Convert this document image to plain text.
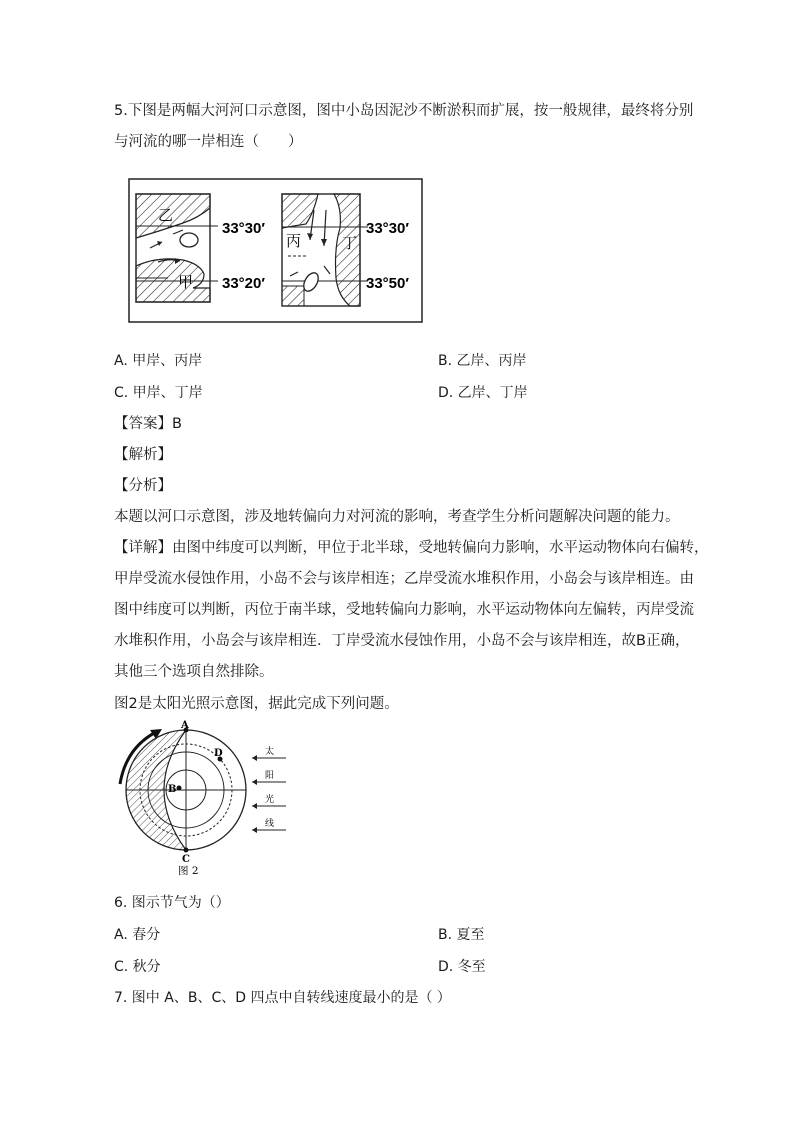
5.下图是两幅大河河口示意图，图中小岛因泥沙不断淤积而扩展，按一般规律，最终将分别
与河流的哪一岸相连（　　）
乙
甲
33°30′
33°20′
丙	丁
33°30′
33°50′
A. 甲岸、丙岸	B. 乙岸、丙岸
C. 甲岸、丁岸	D. 乙岸、丁岸
【答案】B
【解析】
【分析】
本题以河口示意图，涉及地转偏向力对河流的影响，考查学生分析问题解决问题的能力。
【详解】由图中纬度可以判断，甲位于北半球，受地转偏向力影响，水平运动物体向右偏转，
甲岸受流水侵蚀作用，小岛不会与该岸相连；乙岸受流水堆积作用，小岛会与该岸相连。由
图中纬度可以判断，丙位于南半球，受地转偏向力影响，水平运动物体向左偏转，丙岸受流
水堆积作用，小岛会与该岸相连．丁岸受流水侵蚀作用，小岛不会与该岸相连，故B正确，
其他三个选项自然排除。
图2是太阳光照示意图，据此完成下列问题。
A
B
C
D	太
阳
光
线
图 2
6. 图示节气为（）
A. 春分	B. 夏至
C. 秋分	D. 冬至
7. 图中 A、B、C、D 四点中自转线速度最小的是（ ）
